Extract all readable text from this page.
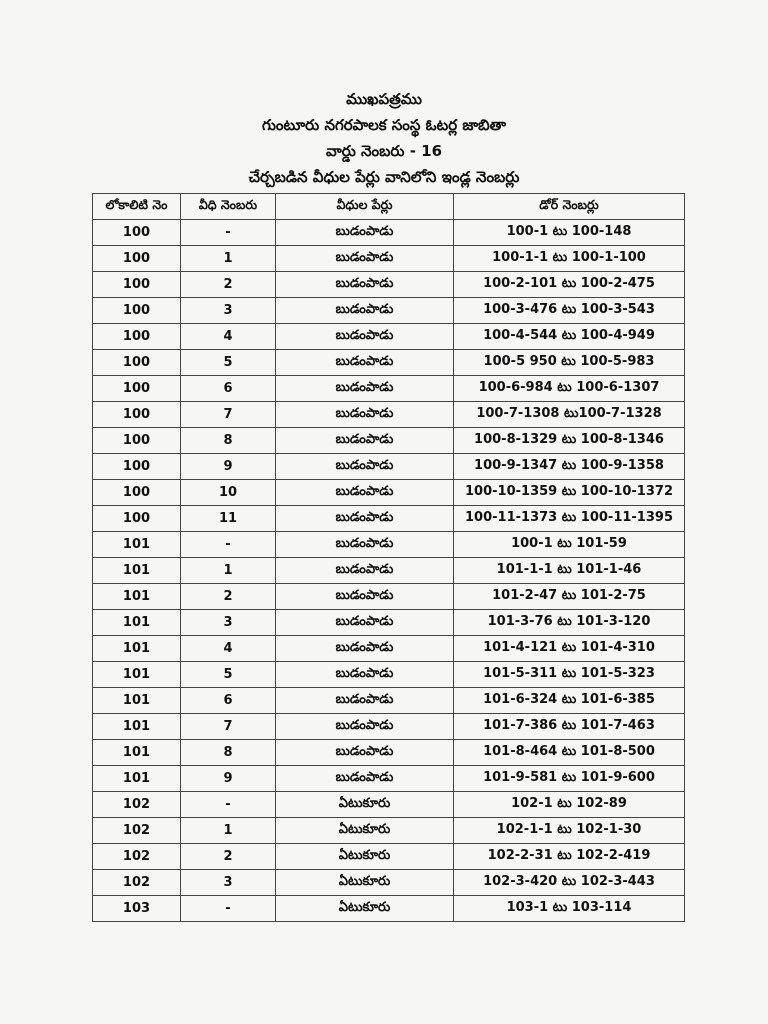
ముఖపత్రము
గుంటూరు నగరపాలక సంస్థ ఓటర్ల జాబితా
వార్డు నెంబరు - 16
చేర్చబడిన వీధుల పేర్లు వానిలోని ఇండ్ల నెంబర్లు
లోకాలిటి నెం	వీధి నెంబరు	వీధుల పేర్లు	డోర్ నెంబర్లు
100	-	బుడంపాడు	100-1 టు 100-148
100	1	బుడంపాడు	100-1-1 టు 100-1-100
100	2	బుడంపాడు	100-2-101 టు 100-2-475
100	3	బుడంపాడు	100-3-476 టు 100-3-543
100	4	బుడంపాడు	100-4-544 టు 100-4-949
100	5	బుడంపాడు	100-5 950 టు 100-5-983
100	6	బుడంపాడు	100-6-984 టు 100-6-1307
100	7	బుడంపాడు	100-7-1308 టు100-7-1328
100	8	బుడంపాడు	100-8-1329 టు 100-8-1346
100	9	బుడంపాడు	100-9-1347 టు 100-9-1358
100	10	బుడంపాడు	100-10-1359 టు 100-10-1372
100	11	బుడంపాడు	100-11-1373 టు 100-11-1395
101	-	బుడంపాడు	100-1 టు 101-59
101	1	బుడంపాడు	101-1-1 టు 101-1-46
101	2	బుడంపాడు	101-2-47 టు 101-2-75
101	3	బుడంపాడు	101-3-76 టు 101-3-120
101	4	బుడంపాడు	101-4-121 టు 101-4-310
101	5	బుడంపాడు	101-5-311 టు 101-5-323
101	6	బుడంపాడు	101-6-324 టు 101-6-385
101	7	బుడంపాడు	101-7-386 టు 101-7-463
101	8	బుడంపాడు	101-8-464 టు 101-8-500
101	9	బుడంపాడు	101-9-581 టు 101-9-600
102	-	ఏటుకూరు	102-1 టు 102-89
102	1	ఏటుకూరు	102-1-1 టు 102-1-30
102	2	ఏటుకూరు	102-2-31 టు 102-2-419
102	3	ఏటుకూరు	102-3-420 టు 102-3-443
103	-	ఏటుకూరు	103-1 టు 103-114
